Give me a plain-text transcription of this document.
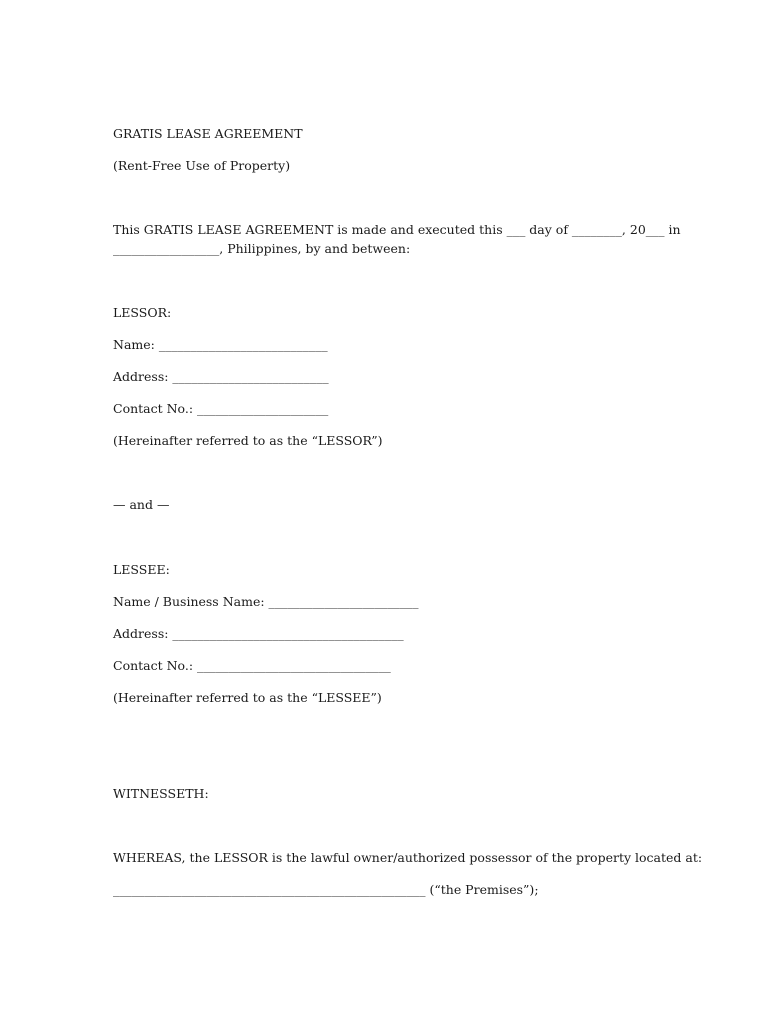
GRATIS LEASE AGREEMENT

(Rent-Free Use of Property)

This GRATIS LEASE AGREEMENT is made and executed this ___ day of ________, 20___ in

_________________, Philippines, by and between:

LESSOR:

Name: ___________________________

Address: _________________________

Contact No.: _____________________

(Hereinafter referred to as the “LESSOR”)

— and —

LESSEE:

Name / Business Name: ________________________

Address: _____________________________________

Contact No.: _______________________________

(Hereinafter referred to as the “LESSEE”)

WITNESSETH:

WHEREAS, the LESSOR is the lawful owner/authorized possessor of the property located at:

__________________________________________________ (“the Premises”);
